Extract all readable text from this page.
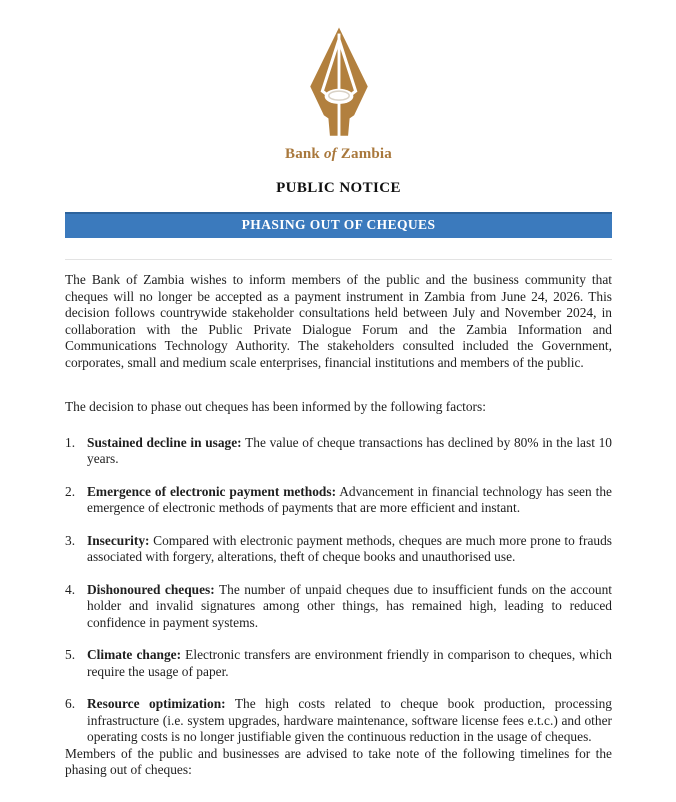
Bank of Zambia
PUBLIC NOTICE
PHASING OUT OF CHEQUES

The Bank of Zambia wishes to inform members of the public and the business community that cheques will no longer be accepted as a payment instrument in Zambia from June 24, 2026. This decision follows countrywide stakeholder consultations held between July and November 2024, in collaboration with the Public Private Dialogue Forum and the Zambia Information and Communications Technology Authority. The stakeholders consulted included the Government, corporates, small and medium scale enterprises, financial institutions and members of the public.

The decision to phase out cheques has been informed by the following factors:

1. Sustained decline in usage: The value of cheque transactions has declined by 80% in the last 10 years.
2. Emergence of electronic payment methods: Advancement in financial technology has seen the emergence of electronic methods of payments that are more efficient and instant.
3. Insecurity: Compared with electronic payment methods, cheques are much more prone to frauds associated with forgery, alterations, theft of cheque books and unauthorised use.
4. Dishonoured cheques: The number of unpaid cheques due to insufficient funds on the account holder and invalid signatures among other things, has remained high, leading to reduced confidence in payment systems.
5. Climate change: Electronic transfers are environment friendly in comparison to cheques, which require the usage of paper.
6. Resource optimization: The high costs related to cheque book production, processing infrastructure (i.e. system upgrades, hardware maintenance, software license fees e.t.c.) and other operating costs is no longer justifiable given the continuous reduction in the usage of cheques.

Members of the public and businesses are advised to take note of the following timelines for the phasing out of cheques:
